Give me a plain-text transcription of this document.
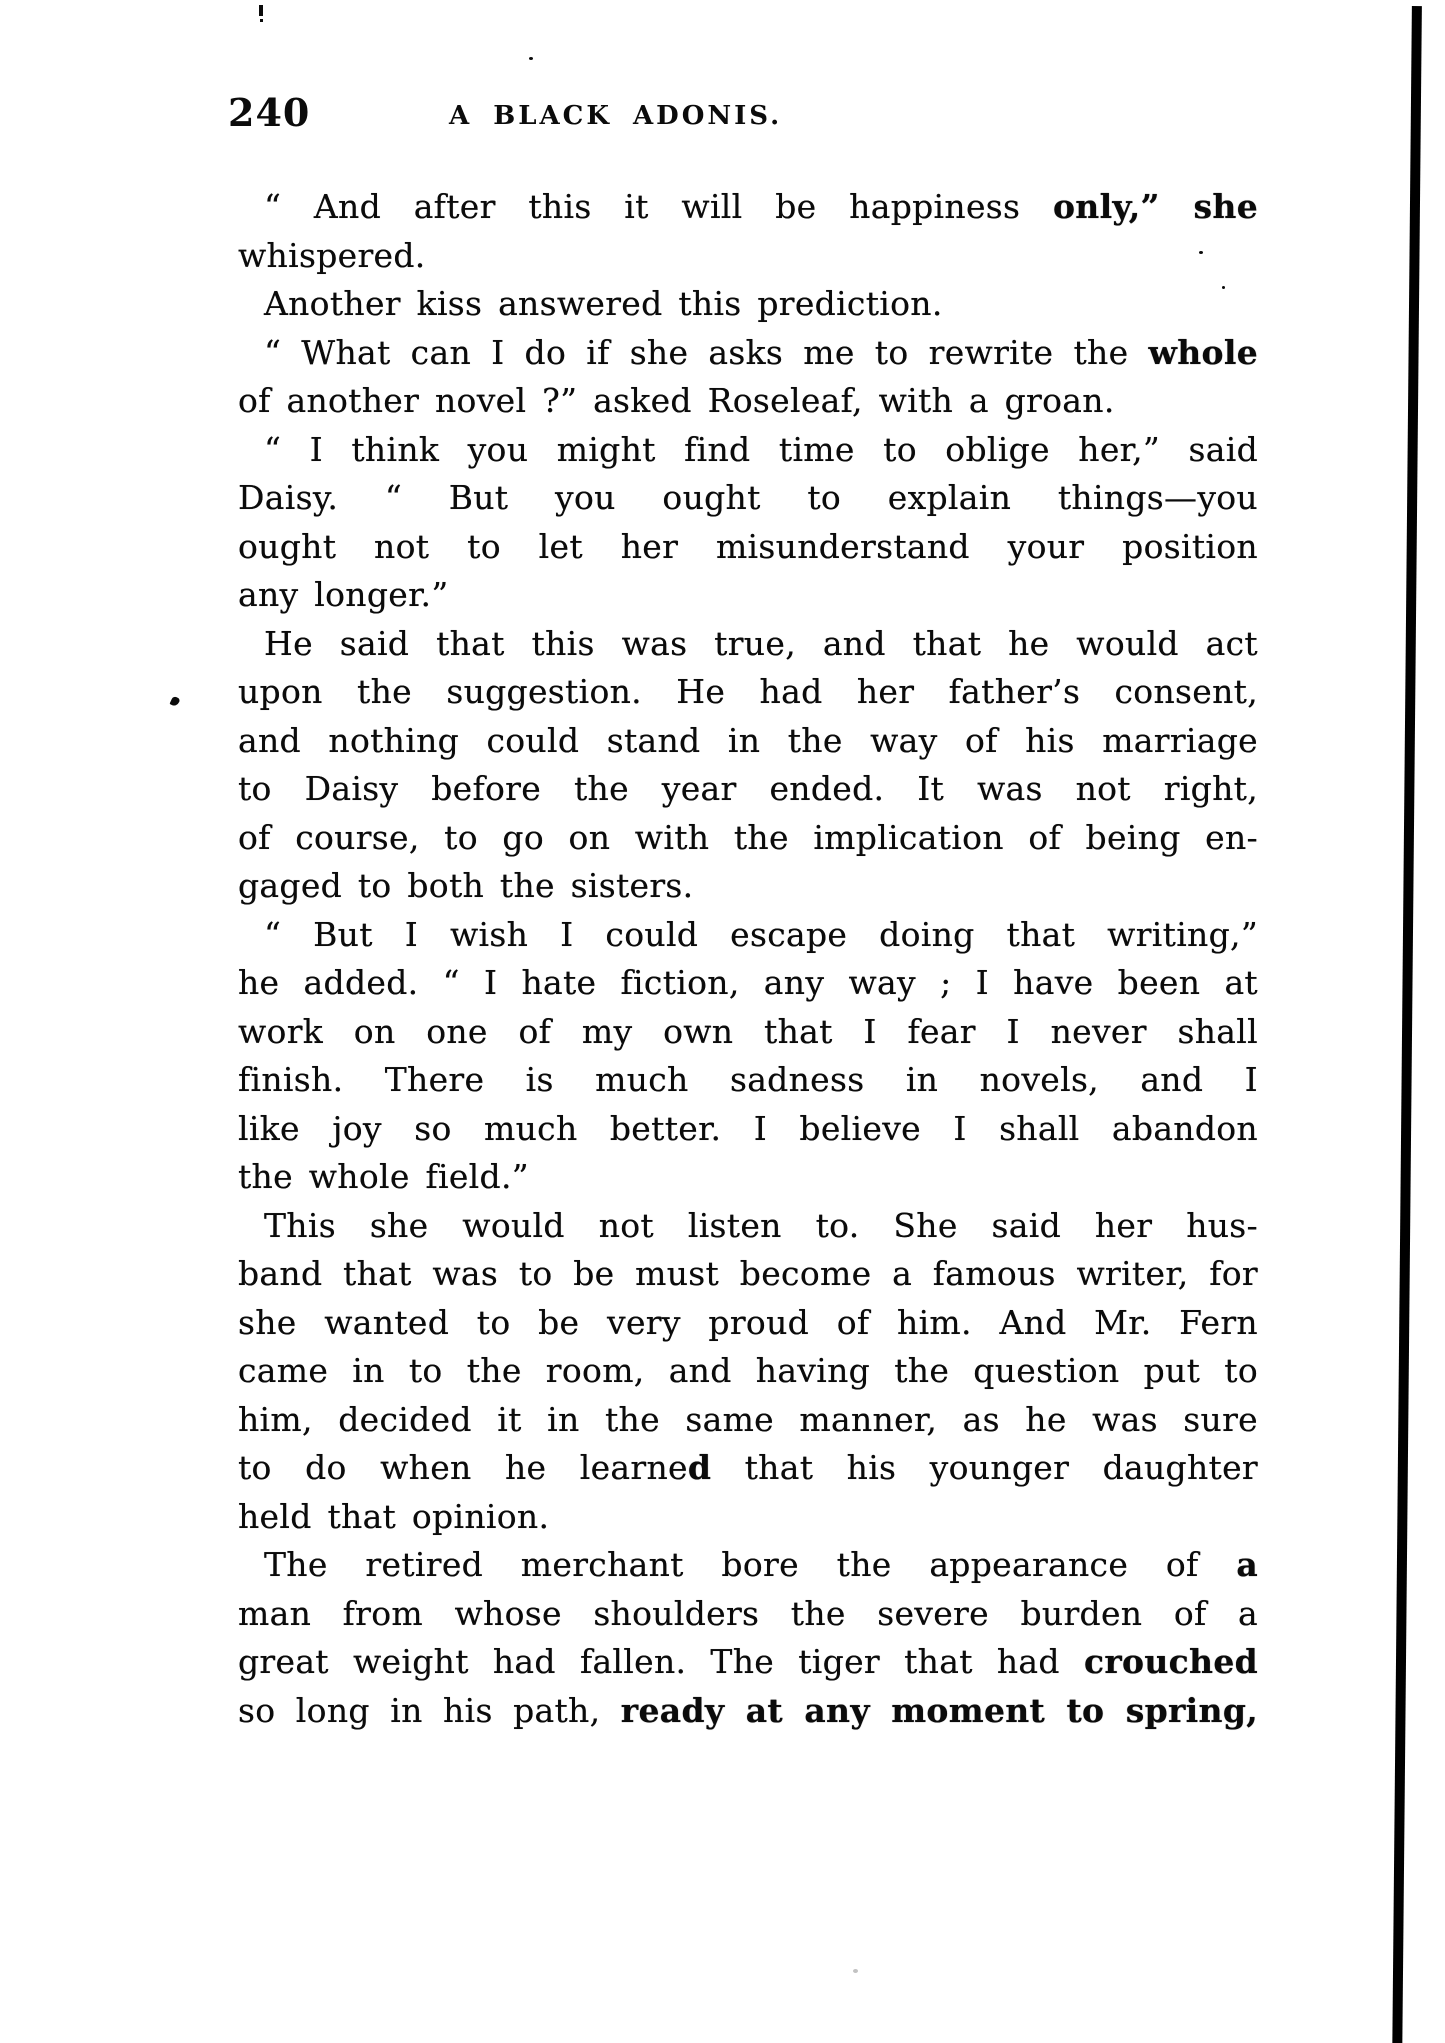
240	A BLACK ADONIS.
“ And after this it will be happiness only,” she
whispered.
Another kiss answered this prediction.
“ What can I do if she asks me to rewrite the whole
of another novel ?” asked Roseleaf, with a groan.
“ I think you might find time to oblige her,” said
Daisy. “ But you ought to explain things—you
ought not to let her misunderstand your position
any longer.”
He said that this was true, and that he would act
upon the suggestion. He had her father’s consent,
and nothing could stand in the way of his marriage
to Daisy before the year ended. It was not right,
of course, to go on with the implication of being en-
gaged to both the sisters.
“ But I wish I could escape doing that writing,”
he added. “ I hate fiction, any way ; I have been at
work on one of my own that I fear I never shall
finish. There is much sadness in novels, and I
like joy so much better. I believe I shall abandon
the whole field.”
This she would not listen to. She said her hus-
band that was to be must become a famous writer, for
she wanted to be very proud of him. And Mr. Fern
came in to the room, and having the question put to
him, decided it in the same manner, as he was sure
to do when he learned that his younger daughter
held that opinion.
The retired merchant bore the appearance of a
man from whose shoulders the severe burden of a
great weight had fallen. The tiger that had crouched
so long in his path, ready at any moment to spring,
